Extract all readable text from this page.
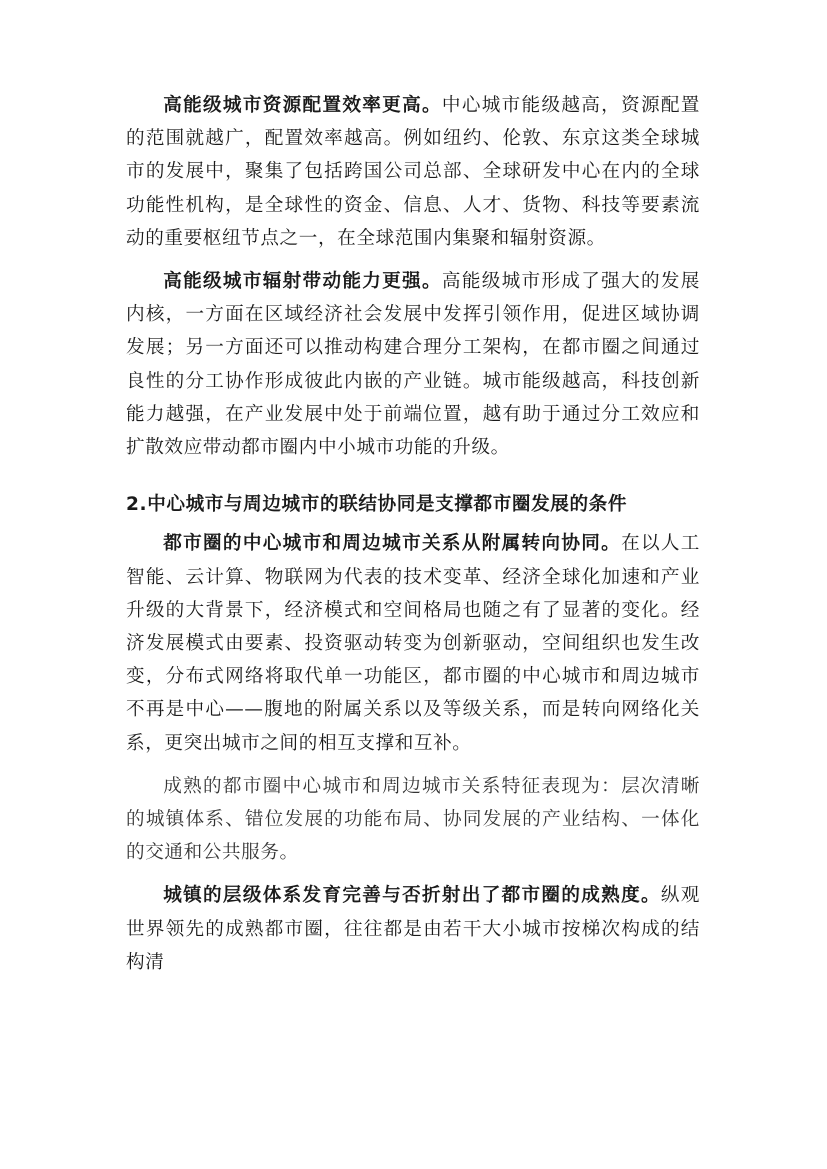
高能级城市资源配置效率更高。中心城市能级越高，资源配置的范围就越广，配置效率越高。例如纽约、伦敦、东京这类全球城市的发展中，聚集了包括跨国公司总部、全球研发中心在内的全球功能性机构，是全球性的资金、信息、人才、货物、科技等要素流动的重要枢纽节点之一，在全球范围内集聚和辐射资源。

高能级城市辐射带动能力更强。高能级城市形成了强大的发展内核，一方面在区域经济社会发展中发挥引领作用，促进区域协调发展；另一方面还可以推动构建合理分工架构，在都市圈之间通过良性的分工协作形成彼此内嵌的产业链。城市能级越高，科技创新能力越强，在产业发展中处于前端位置，越有助于通过分工效应和扩散效应带动都市圈内中小城市功能的升级。

2.中心城市与周边城市的联结协同是支撑都市圈发展的条件

都市圈的中心城市和周边城市关系从附属转向协同。在以人工智能、云计算、物联网为代表的技术变革、经济全球化加速和产业升级的大背景下，经济模式和空间格局也随之有了显著的变化。经济发展模式由要素、投资驱动转变为创新驱动，空间组织也发生改变，分布式网络将取代单一功能区，都市圈的中心城市和周边城市不再是中心——腹地的附属关系以及等级关系，而是转向网络化关系，更突出城市之间的相互支撑和互补。

成熟的都市圈中心城市和周边城市关系特征表现为：层次清晰的城镇体系、错位发展的功能布局、协同发展的产业结构、一体化的交通和公共服务。

城镇的层级体系发育完善与否折射出了都市圈的成熟度。纵观世界领先的成熟都市圈，往往都是由若干大小城市按梯次构成的结构清
